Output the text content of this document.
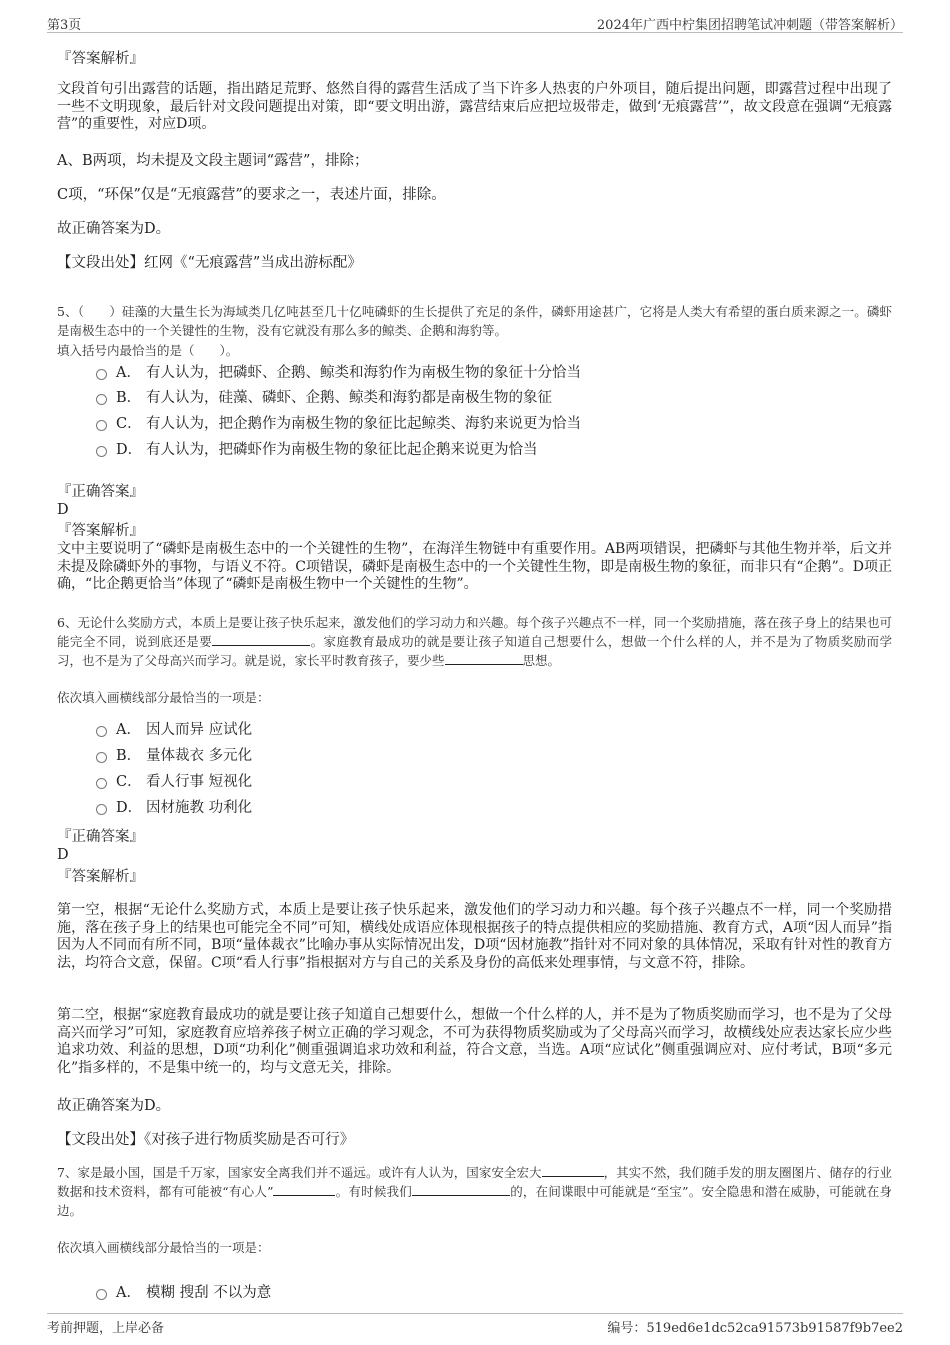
第3页	2024年广西中柠集团招聘笔试冲刺题（带答案解析）
『答案解析』
文段首句引出露营的话题，指出踏足荒野、悠然自得的露营生活成了当下许多人热衷的户外项目，随后提出问题，即露营过程中出现了一些不文明现象，最后针对文段问题提出对策，即“要文明出游，露营结束后应把垃圾带走，做到‘无痕露营’”，故文段意在强调“无痕露营”的重要性，对应D项。
A、B两项，均未提及文段主题词“露营”，排除；
C项，“环保”仅是“无痕露营”的要求之一，表述片面，排除。
故正确答案为D。
【文段出处】红网《“无痕露营”当成出游标配》
5、（　　）硅藻的大量生长为海域类几亿吨甚至几十亿吨磷虾的生长提供了充足的条件，磷虾用途甚广，它将是人类大有希望的蛋白质来源之一。磷虾是南极生态中的一个关键性的生物，没有它就没有那么多的鲸类、企鹅和海豹等。
填入括号内最恰当的是（　　）。
A． 有人认为，把磷虾、企鹅、鲸类和海豹作为南极生物的象征十分恰当
B． 有人认为，硅藻、磷虾、企鹅、鲸类和海豹都是南极生物的象征
C． 有人认为，把企鹅作为南极生物的象征比起鲸类、海豹来说更为恰当
D． 有人认为，把磷虾作为南极生物的象征比起企鹅来说更为恰当
『正确答案』
D
『答案解析』
文中主要说明了“磷虾是南极生态中的一个关键性的生物”，在海洋生物链中有重要作用。AB两项错误，把磷虾与其他生物并举，后文并未提及除磷虾外的事物，与语义不符。C项错误，磷虾是南极生态中的一个关键性生物，即是南极生物的象征，而非只有“企鹅”。D项正确，“比企鹅更恰当”体现了“磷虾是南极生物中一个关键性的生物”。
6、无论什么奖励方式，本质上是要让孩子快乐起来，激发他们的学习动力和兴趣。每个孩子兴趣点不一样，同一个奖励措施，落在孩子身上的结果也可能完全不同，说到底还是要	。家庭教育最成功的就是要让孩子知道自己想要什么，想做一个什么样的人，并不是为了物质奖励而学习，也不是为了父母高兴而学习。就是说，家长平时教育孩子，要少些	思想。
依次填入画横线部分最恰当的一项是：
A． 因人而异 应试化
B． 量体裁衣 多元化
C． 看人行事 短视化
D． 因材施教 功利化
『正确答案』
D
『答案解析』
第一空，根据“无论什么奖励方式，本质上是要让孩子快乐起来，激发他们的学习动力和兴趣。每个孩子兴趣点不一样，同一个奖励措施，落在孩子身上的结果也可能完全不同”可知，横线处成语应体现根据孩子的特点提供相应的奖励措施、教育方式，A项“因人而异”指因为人不同而有所不同，B项“量体裁衣”比喻办事从实际情况出发，D项“因材施教”指针对不同对象的具体情况，采取有针对性的教育方法，均符合文意，保留。C项“看人行事”指根据对方与自己的关系及身份的高低来处理事情，与文意不符，排除。
第二空，根据“家庭教育最成功的就是要让孩子知道自己想要什么，想做一个什么样的人，并不是为了物质奖励而学习，也不是为了父母高兴而学习”可知，家庭教育应培养孩子树立正确的学习观念，不可为获得物质奖励或为了父母高兴而学习，故横线处应表达家长应少些追求功效、利益的思想，D项“功利化”侧重强调追求功效和利益，符合文意，当选。A项“应试化”侧重强调应对、应付考试，B项“多元化”指多样的，不是集中统一的，均与文意无关，排除。
故正确答案为D。
【文段出处】《对孩子进行物质奖励是否可行》
7、家是最小国，国是千万家，国家安全离我们并不遥远。或许有人认为，国家安全宏大	，其实不然，我们随手发的朋友圈图片、储存的行业数据和技术资料，都有可能被“有心人”	。有时候我们	的，在间谍眼中可能就是“至宝”。安全隐患和潜在威胁，可能就在身边。
依次填入画横线部分最恰当的一项是：
A． 模糊 搜刮 不以为意
考前押题，上岸必备	编号：519ed6e1dc52ca91573b91587f9b7ee2
